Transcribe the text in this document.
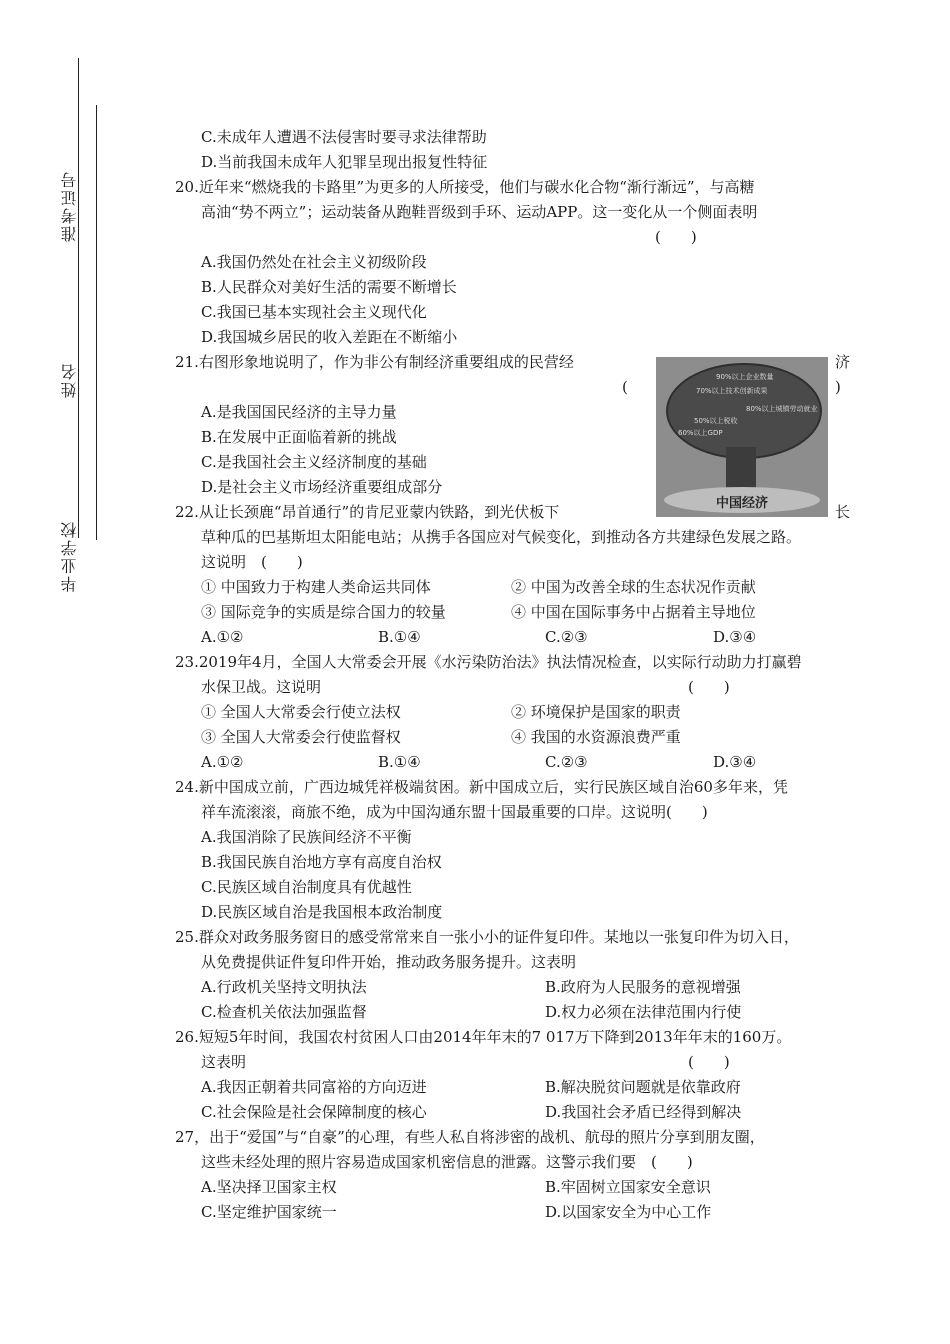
准考证号
姓名
毕业学校
50%以上税收
60%以上GDP
70%以上技术创新成果
80%以上城镇劳动就业
90%以上企业数量
中国经济
C.未成年人遭遇不法侵害时要寻求法律帮助
D.当前我国未成年人犯罪呈现出报复性特征
20.近年来“燃烧我的卡路里”为更多的人所接受，他们与碳水化合物“渐行渐远”，与高糖
高油“势不两立”；运动装备从跑鞋晋级到手环、运动APP。这一变化从一个侧面表明
(　　)
A.我国仍然处在社会主义初级阶段
B.人民群众对美好生活的需要不断增长
C.我国已基本实现社会主义现代化
D.我国城乡居民的收入差距在不断缩小
21.右图形象地说明了，作为非公有制经济重要组成的民营经	济
(	)
A.是我国国民经济的主导力量
B.在发展中正面临着新的挑战
C.是我国社会主义经济制度的基础
D.是社会主义市场经济重要组成部分
22.从让长颈鹿“昂首通行”的肯尼亚蒙内铁路，到光伏板下	长
草种瓜的巴基斯坦太阳能电站；从携手各国应对气候变化，到推动各方共建绿色发展之路。
这说明　(　　)
① 中国致力于构建人类命运共同体	② 中国为改善全球的生态状况作贡献
③ 国际竞争的实质是综合国力的较量	④ 中国在国际事务中占据着主导地位
A.①②	B.①④	C.②③	D.③④
23.2019年4月，全国人大常委会开展《水污染防治法》执法情况检查，以实际行动助力打赢碧
水保卫战。这说明	(　　)
① 全国人大常委会行使立法权	② 环境保护是国家的职责
③ 全国人大常委会行使监督权	④ 我国的水资源浪费严重
A.①②	B.①④	C.②③	D.③④
24.新中国成立前，广西边城凭祥极端贫困。新中国成立后，实行民族区域自治60多年来，凭
祥车流滚滚，商旅不绝，成为中国沟通东盟十国最重要的口岸。这说明(　　)
A.我国消除了民族间经济不平衡
B.我国民族自治地方享有高度自治权
C.民族区域自治制度具有优越性
D.民族区域自治是我国根本政治制度
25.群众对政务服务窗日的感受常常来自一张小小的证件复印件。某地以一张复印件为切入日，
从免费提供证件复印件开始，推动政务服务提升。这表明
A.行政机关坚持文明执法	B.政府为人民服务的意视增强
C.检查机关依法加强监督	D.权力必须在法律范围内行使
26.短短5年时间，我国农村贫困人口由2014年年末的7 017万下降到2013年年末的160万。
这表明	(　　)
A.我因正朝着共同富裕的方向迈进	B.解决脱贫问题就是依靠政府
C.社会保险是社会保障制度的核心	D.我国社会矛盾已经得到解决
27，出于“爱国”与“自豪”的心理，有些人私自将涉密的战机、航母的照片分享到朋友圈，
这些未经处理的照片容易造成国家机密信息的泄露。这警示我们要　(　　)
A.坚决择卫国家主权	B.牢固树立国家安全意识
C.坚定维护国家统一	D.以国家安全为中心工作
